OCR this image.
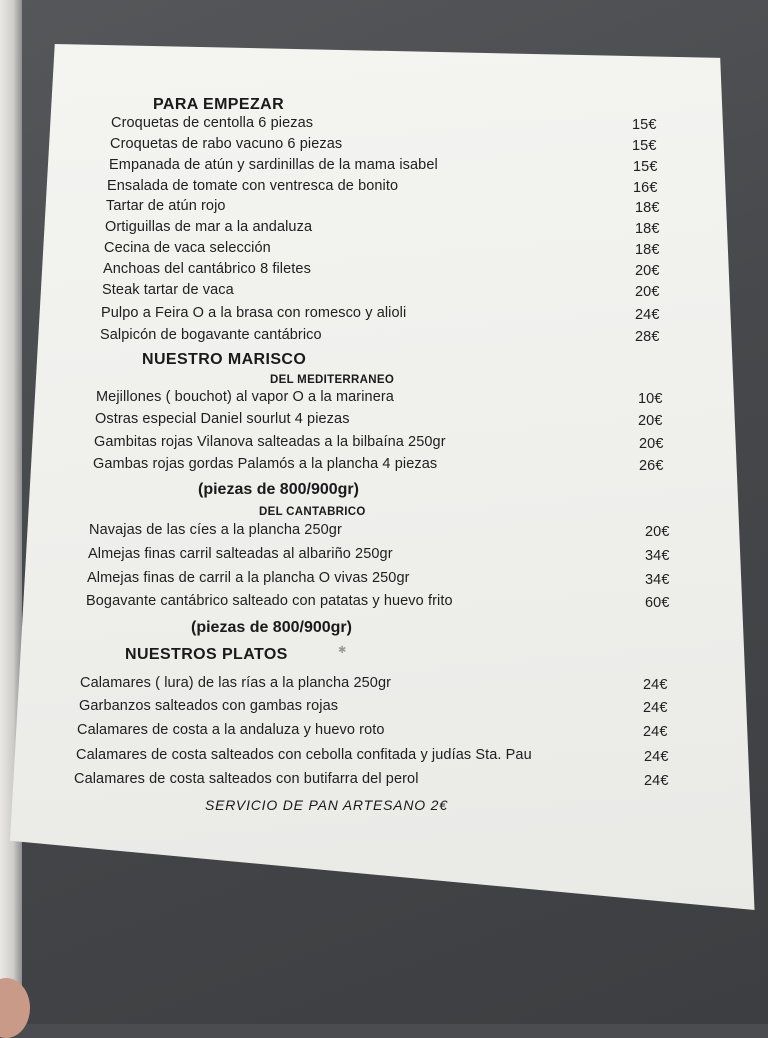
PARA EMPEZAR
Croquetas de centolla 6 piezas	15€
Croquetas de rabo vacuno 6 piezas	15€
Empanada de atún y sardinillas de la mama isabel	15€
Ensalada de tomate con ventresca de bonito	16€
Tartar de atún rojo	18€
Ortiguillas de mar a la andaluza	18€
Cecina de vaca selección	18€
Anchoas del cantábrico 8 filetes	20€
Steak tartar de vaca	20€
Pulpo a Feira O a la brasa con romesco y alioli	24€
Salpicón de bogavante cantábrico	28€
NUESTRO MARISCO
DEL MEDITERRANEO
Mejillones ( bouchot) al vapor O a la marinera	10€
Ostras especial Daniel sourlut 4 piezas	20€
Gambitas rojas Vilanova salteadas a la bilbaína 250gr	20€
Gambas rojas gordas Palamós a la plancha 4 piezas	26€
(piezas de 800/900gr)
DEL CANTABRICO
Navajas de las cíes a la plancha 250gr	20€
Almejas finas carril salteadas al albariño 250gr	34€
Almejas finas de carril a la plancha O vivas 250gr	34€
Bogavante cantábrico salteado con patatas y huevo frito	60€
(piezas de 800/900gr)
NUESTROS PLATOS	✱
Calamares ( lura) de las rías a la plancha 250gr	24€
Garbanzos salteados con gambas rojas	24€
Calamares de costa a la andaluza y huevo roto	24€
Calamares de costa salteados con cebolla confitada y judías Sta. Pau	24€
Calamares de costa salteados con butifarra del perol	24€
SERVICIO DE PAN ARTESANO 2€
